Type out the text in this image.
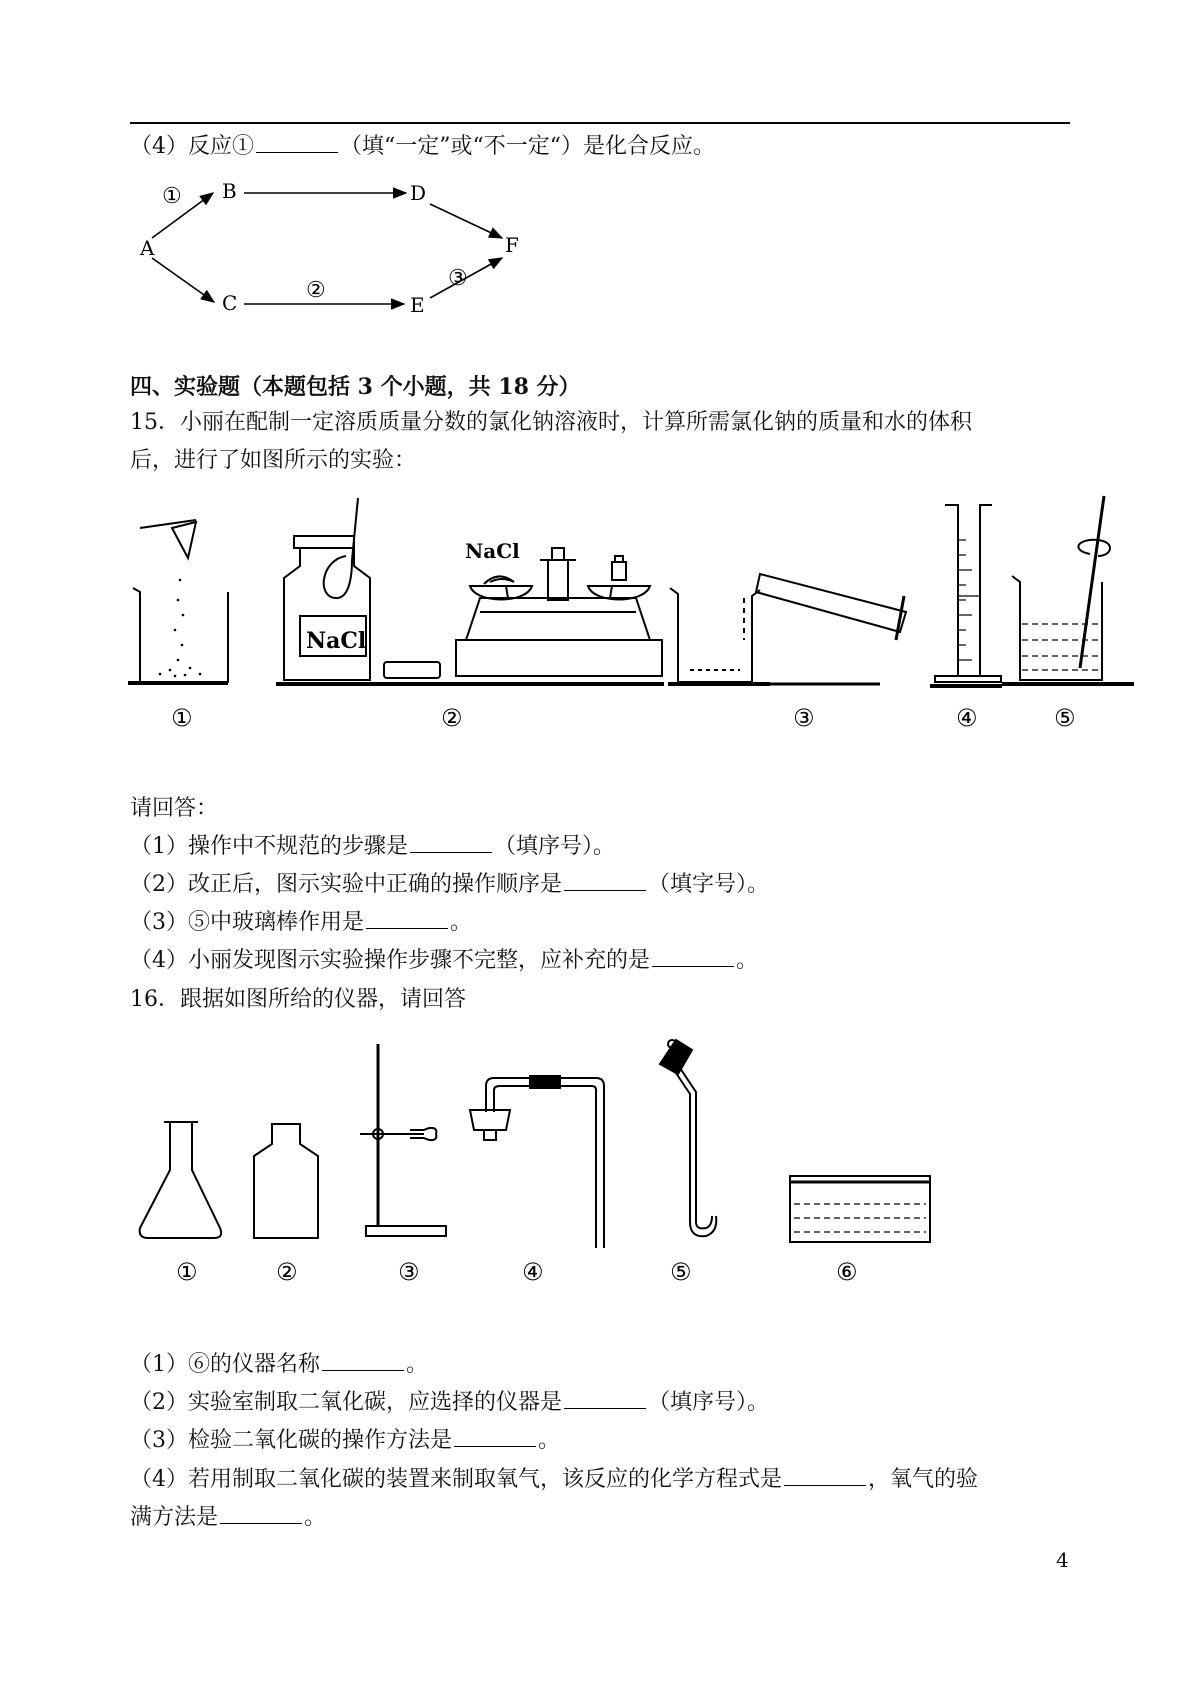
（4）反应①	（填“一定”或“不一定“）是化合反应。
A
B
C
D
E
F
①
②	③
四、实验题（本题包括 3 个小题，共 18 分）
15．小丽在配制一定溶质质量分数的氯化钠溶液时，计算所需氯化钠的质量和水的体积
后，进行了如图所示的实验：
NaCl
NaCl
①	②	③	④	⑤
请回答：
（1）操作中不规范的步骤是	（填序号）。
（2）改正后，图示实验中正确的操作顺序是	（填字号）。
（3）⑤中玻璃棒作用是	。
（4）小丽发现图示实验操作步骤不完整，应补充的是	。
16．跟据如图所给的仪器，请回答
①	②	③	④	⑤	⑥
（1）⑥的仪器名称	。
（2）实验室制取二氧化碳，应选择的仪器是	（填序号）。
（3）检验二氧化碳的操作方法是	。
（4）若用制取二氧化碳的装置来制取氧气，该反应的化学方程式是	，氧气的验
满方法是	。
4
